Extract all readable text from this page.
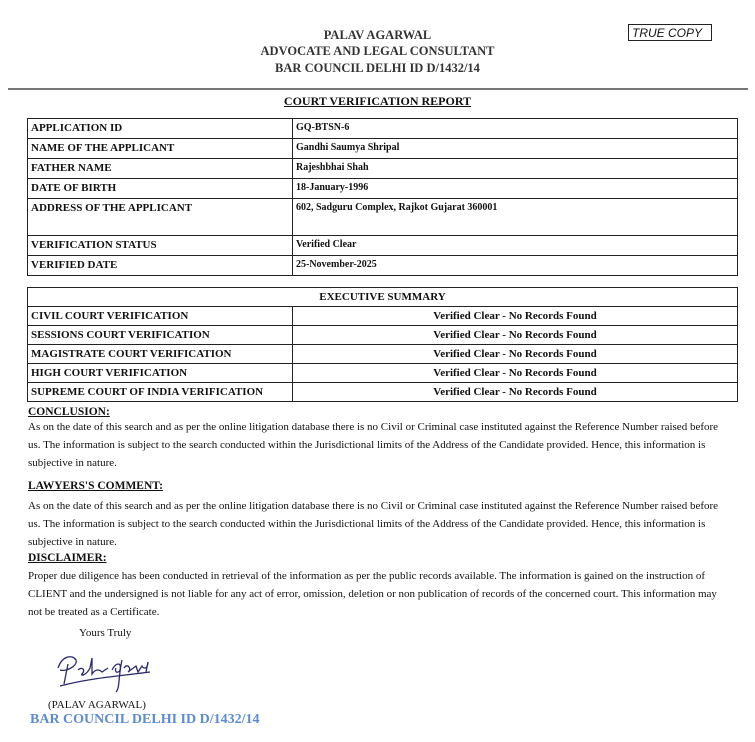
PALAV AGARWAL
ADVOCATE AND LEGAL CONSULTANT
BAR COUNCIL DELHI ID D/1432/14
TRUE COPY
COURT VERIFICATION REPORT
APPLICATION ID	GQ-BTSN-6
NAME OF THE APPLICANT	Gandhi Saumya Shripal
FATHER NAME	Rajeshbhai Shah
DATE OF BIRTH	18-January-1996
ADDRESS OF THE APPLICANT	602, Sadguru Complex, Rajkot Gujarat 360001
VERIFICATION STATUS	Verified Clear
VERIFIED DATE	25-November-2025
EXECUTIVE SUMMARY	
CIVIL COURT VERIFICATION	Verified Clear - No Records Found
SESSIONS COURT VERIFICATION	Verified Clear - No Records Found
MAGISTRATE COURT VERIFICATION	Verified Clear - No Records Found
HIGH COURT VERIFICATION	Verified Clear - No Records Found
SUPREME COURT OF INDIA VERIFICATION	Verified Clear - No Records Found
CONCLUSION:
As on the date of this search and as per the online litigation database there is no Civil or Criminal case instituted against the Reference Number raised before us. The information is subject to the search conducted within the Jurisdictional limits of the Address of the Candidate provided. Hence, this information is subjective in nature.
LAWYERS'S COMMENT:
As on the date of this search and as per the online litigation database there is no Civil or Criminal case instituted against the Reference Number raised before us. The information is subject to the search conducted within the Jurisdictional limits of the Address of the Candidate provided. Hence, this information is subjective in nature.
DISCLAIMER:
Proper due diligence has been conducted in retrieval of the information as per the public records available. The information is gained on the instruction of CLIENT and the undersigned is not liable for any act of error, omission, deletion or non publication of records of the concerned court. This information may not be treated as a Certificate.
Yours Truly
(PALAV AGARWAL)
BAR COUNCIL DELHI ID D/1432/14
